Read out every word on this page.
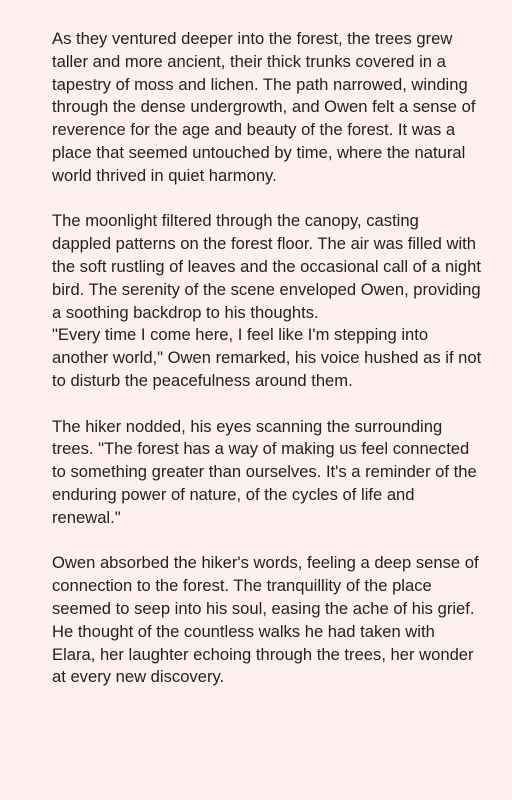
As they ventured deeper into the forest, the trees grew taller and more ancient, their thick trunks covered in a tapestry of moss and lichen. The path narrowed, winding through the dense undergrowth, and Owen felt a sense of reverence for the age and beauty of the forest. It was a place that seemed untouched by time, where the natural world thrived in quiet harmony.

The moonlight filtered through the canopy, casting dappled patterns on the forest floor. The air was filled with the soft rustling of leaves and the occasional call of a night bird. The serenity of the scene enveloped Owen, providing a soothing backdrop to his thoughts.

"Every time I come here, I feel like I'm stepping into another world," Owen remarked, his voice hushed as if not to disturb the peacefulness around them.

The hiker nodded, his eyes scanning the surrounding trees. "The forest has a way of making us feel connected to something greater than ourselves. It's a reminder of the enduring power of nature, of the cycles of life and renewal."

Owen absorbed the hiker's words, feeling a deep sense of connection to the forest. The tranquillity of the place seemed to seep into his soul, easing the ache of his grief. He thought of the countless walks he had taken with Elara, her laughter echoing through the trees, her wonder at every new discovery.
